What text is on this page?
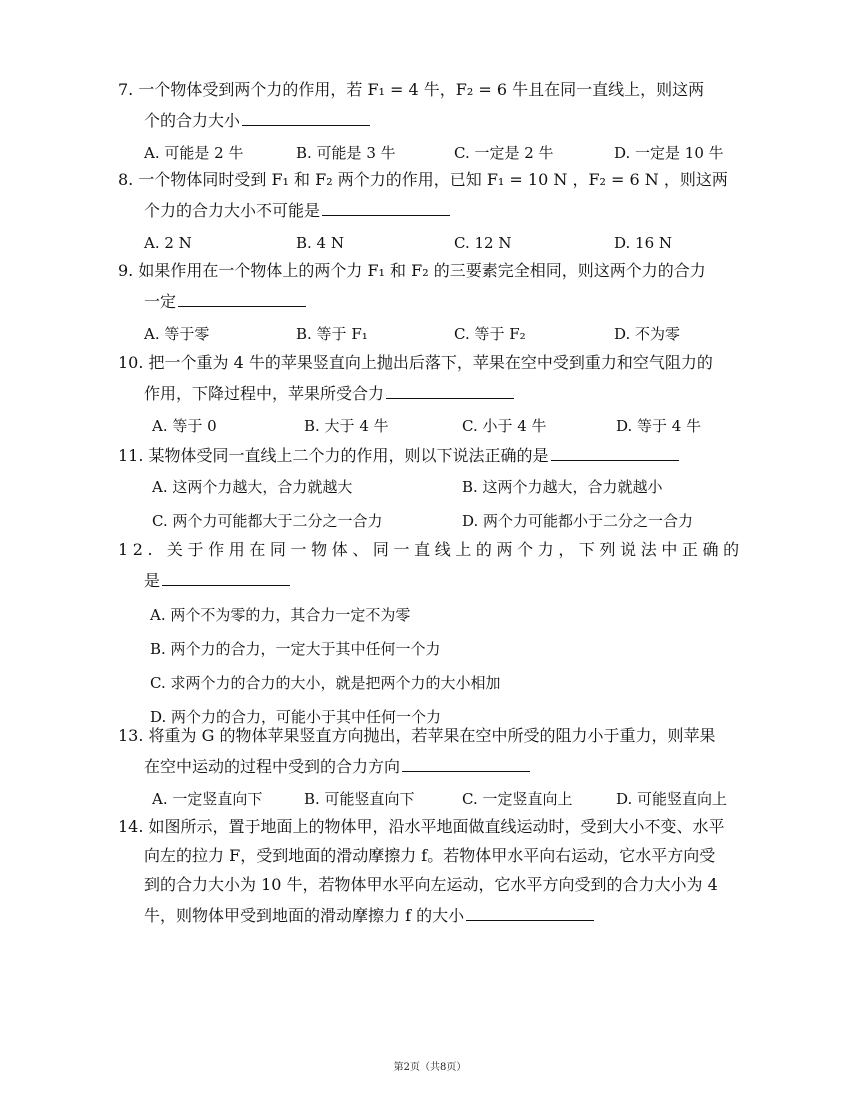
7. 一个物体受到两个力的作用，若 F₁ = 4 牛，F₂ = 6 牛且在同一直线上，则这两
个的合力大小
A. 可能是 2 牛	B. 可能是 3 牛	C. 一定是 2 牛	D. 一定是 10 牛
8. 一个物体同时受到 F₁ 和 F₂ 两个力的作用，已知 F₁ = 10 N ，F₂ = 6 N ，则这两
个力的合力大小不可能是
A. 2 N	B. 4 N	C. 12 N	D. 16 N
9. 如果作用在一个物体上的两个力 F₁ 和 F₂ 的三要素完全相同，则这两个力的合力
一定
A. 等于零	B. 等于 F₁	C. 等于 F₂	D. 不为零
10. 把一个重为 4 牛的苹果竖直向上抛出后落下，苹果在空中受到重力和空气阻力的
作用，下降过程中，苹果所受合力
A. 等于 0	B. 大于 4 牛	C. 小于 4 牛	D. 等于 4 牛
11. 某物体受同一直线上二个力的作用，则以下说法正确的是
A. 这两个力越大，合力就越大	B. 这两个力越大，合力就越小
C. 两个力可能都大于二分之一合力	D. 两个力可能都小于二分之一合力
12. 关于作用在同一物体、同一直线上的两个力，下列说法中正确的
是
A. 两个不为零的力，其合力一定不为零
B. 两个力的合力，一定大于其中任何一个力
C. 求两个力的合力的大小，就是把两个力的大小相加
D. 两个力的合力，可能小于其中任何一个力
13. 将重为 G 的物体苹果竖直方向抛出，若苹果在空中所受的阻力小于重力，则苹果
在空中运动的过程中受到的合力方向
A. 一定竖直向下	B. 可能竖直向下	C. 一定竖直向上	D. 可能竖直向上
14. 如图所示，置于地面上的物体甲，沿水平地面做直线运动时，受到大小不变、水平
向左的拉力 F，受到地面的滑动摩擦力 f。若物体甲水平向右运动，它水平方向受
到的合力大小为 10 牛，若物体甲水平向左运动，它水平方向受到的合力大小为 4
牛，则物体甲受到地面的滑动摩擦力 f 的大小
第2页（共8页）
